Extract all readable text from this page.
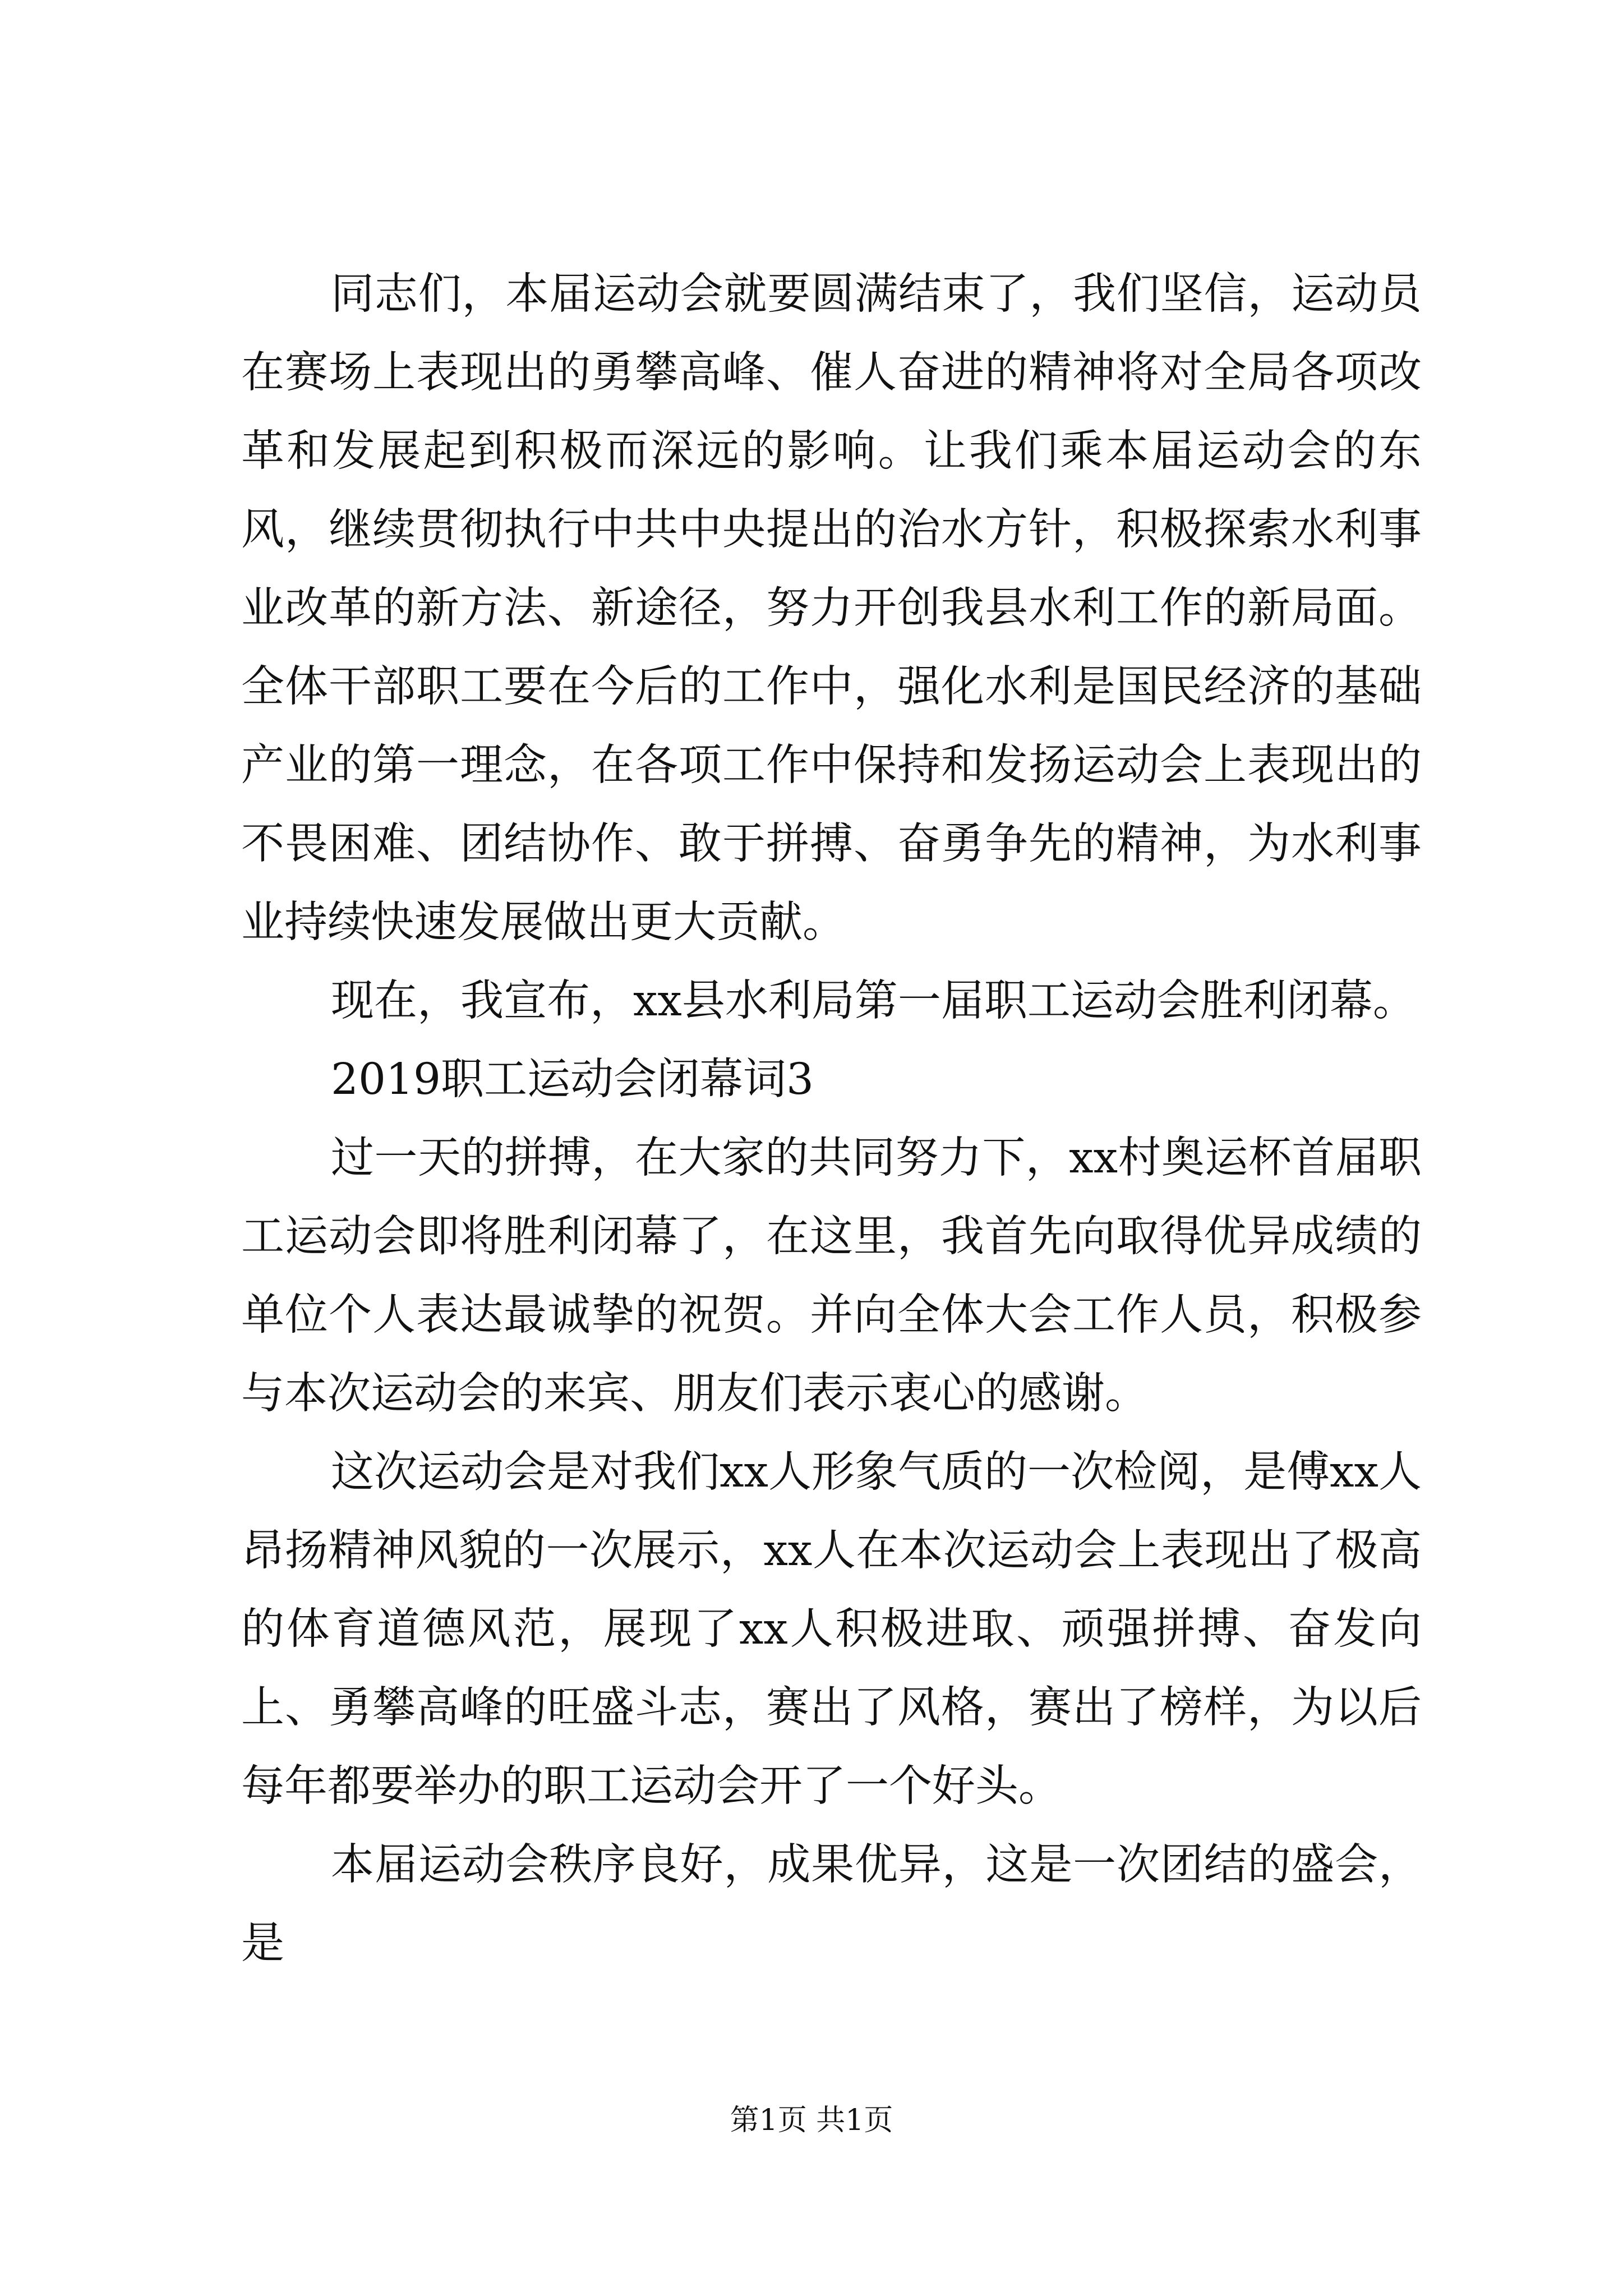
同志们，本届运动会就要圆满结束了，我们坚信，运动员在赛场上表现出的勇攀高峰、催人奋进的精神将对全局各项改革和发展起到积极而深远的影响。让我们乘本届运动会的东风，继续贯彻执行中共中央提出的治水方针，积极探索水利事业改革的新方法、新途径，努力开创我县水利工作的新局面。全体干部职工要在今后的工作中，强化水利是国民经济的基础产业的第一理念，在各项工作中保持和发扬运动会上表现出的不畏困难、团结协作、敢于拼搏、奋勇争先的精神，为水利事业持续快速发展做出更大贡献。

现在，我宣布，xx县水利局第一届职工运动会胜利闭幕。

2019职工运动会闭幕词3

过一天的拼搏，在大家的共同努力下，xx村奥运杯首届职工运动会即将胜利闭幕了，在这里，我首先向取得优异成绩的单位个人表达最诚挚的祝贺。并向全体大会工作人员，积极参与本次运动会的来宾、朋友们表示衷心的感谢。

这次运动会是对我们xx人形象气质的一次检阅，是傅xx人昂扬精神风貌的一次展示，xx人在本次运动会上表现出了极高的体育道德风范，展现了xx人积极进取、顽强拼搏、奋发向上、勇攀高峰的旺盛斗志，赛出了风格，赛出了榜样，为以后每年都要举办的职工运动会开了一个好头。

本届运动会秩序良好，成果优异，这是一次团结的盛会，是

第1页 共1页
